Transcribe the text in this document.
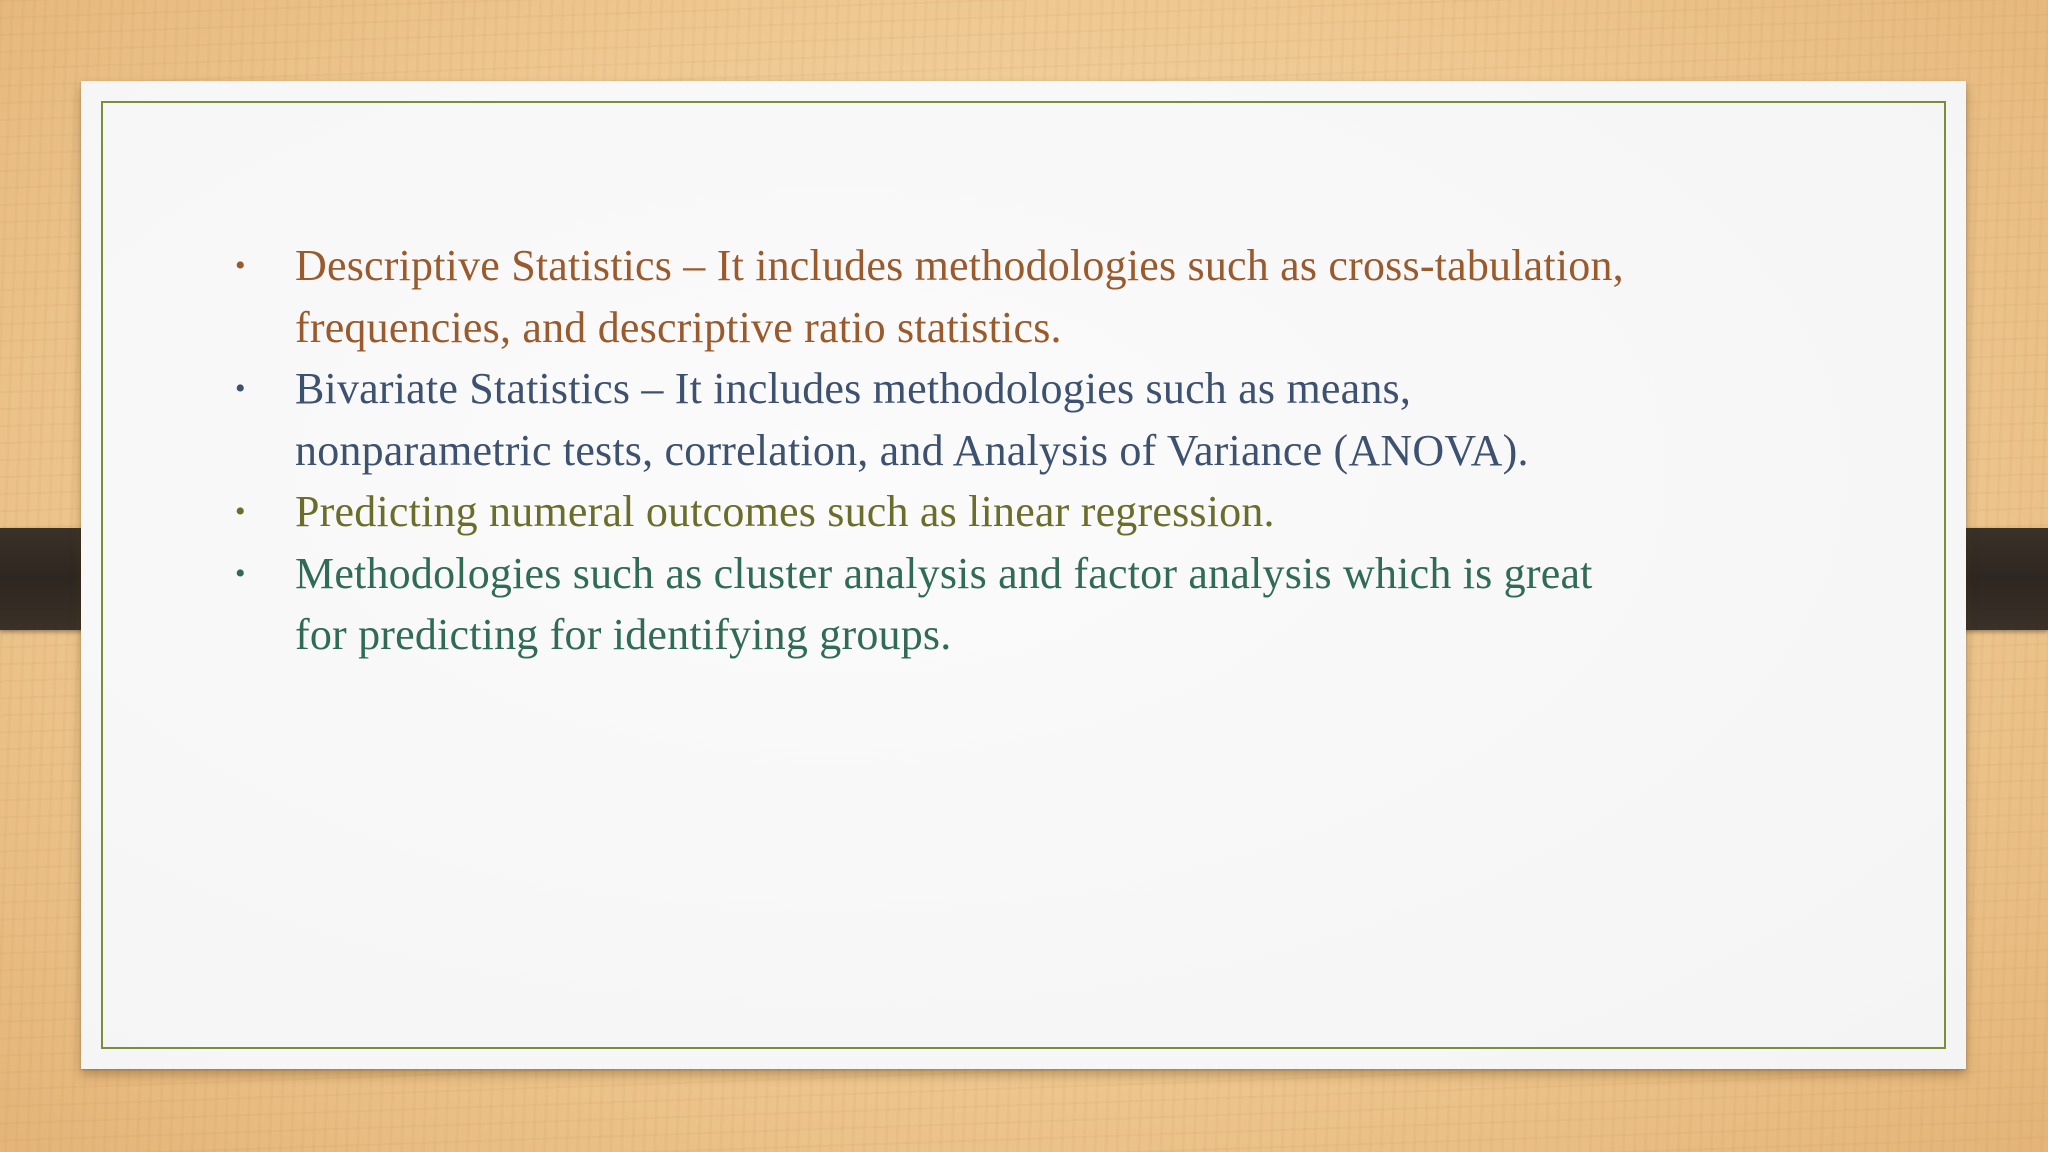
• Descriptive Statistics – It includes methodologies such as cross-tabulation,
frequencies, and descriptive ratio statistics.
• Bivariate Statistics – It includes methodologies such as means,
nonparametric tests, correlation, and Analysis of Variance (ANOVA).
• Predicting numeral outcomes such as linear regression.
• Methodologies such as cluster analysis and factor analysis which is great
for predicting for identifying groups.
